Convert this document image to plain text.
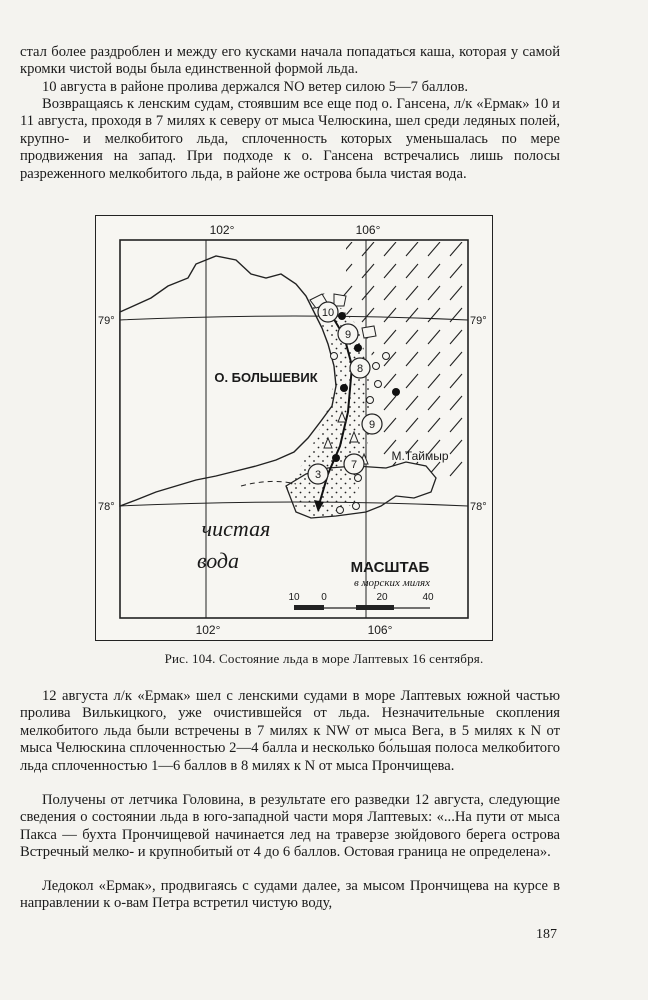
стал более раздроблен и между его кусками начала попадаться каша, которая у самой кромки чистой воды была единственной формой льда.

10 августа в районе пролива держался NO ветер силою 5—7 баллов.

Возвращаясь к ленским судам, стоявшим все еще под о. Гансена, л/к «Ермак» 10 и 11 августа, проходя в 7 милях к северу от мыса Челюскина, шел среди ледяных полей, крупно- и мелкобитого льда, сплоченность которых уменьшалась по мере продвижения на запад. При подходе к о. Гансена встречались лишь полосы разреженного мелкобитого льда, в районе же острова была чистая вода.

10
9
8
9
7
3
102°	106°
102°	106°
79°	79°
78°	78°
О. БОЛЬШЕВИК
М.Таймыр
чистая
вода	МАСШТАБ
в морских милях
10 0	20	40
Рис. 104. Состояние льда в море Лаптевых 16 сентября.

12 августа л/к «Ермак» шел с ленскими судами в море Лаптевых южной частью пролива Вилькицкого, уже очистившейся от льда. Незначительные скопления мелкобитого льда были встречены в 7 милях к NW от мыса Вега, в 5 милях к N от мыса Челюскина сплоченностью 2—4 балла и несколько бо́льшая полоса мелкобитого льда сплоченностью 1—6 баллов в 8 милях к N от мыса Прончищева.

Получены от летчика Головина, в результате его разведки 12 августа, следующие сведения о состоянии льда в юго-западной части моря Лаптевых: «...На пути от мыса Пакса — бухта Прончищевой начинается лед на траверзе зюйдового берега острова Встречный мелко- и крупнобитый от 4 до 6 баллов. Остовая граница не определена».

Ледокол «Ермак», продвигаясь с судами далее, за мысом Прончищева на курсе в направлении к о-вам Петра встретил чистую воду,

187
